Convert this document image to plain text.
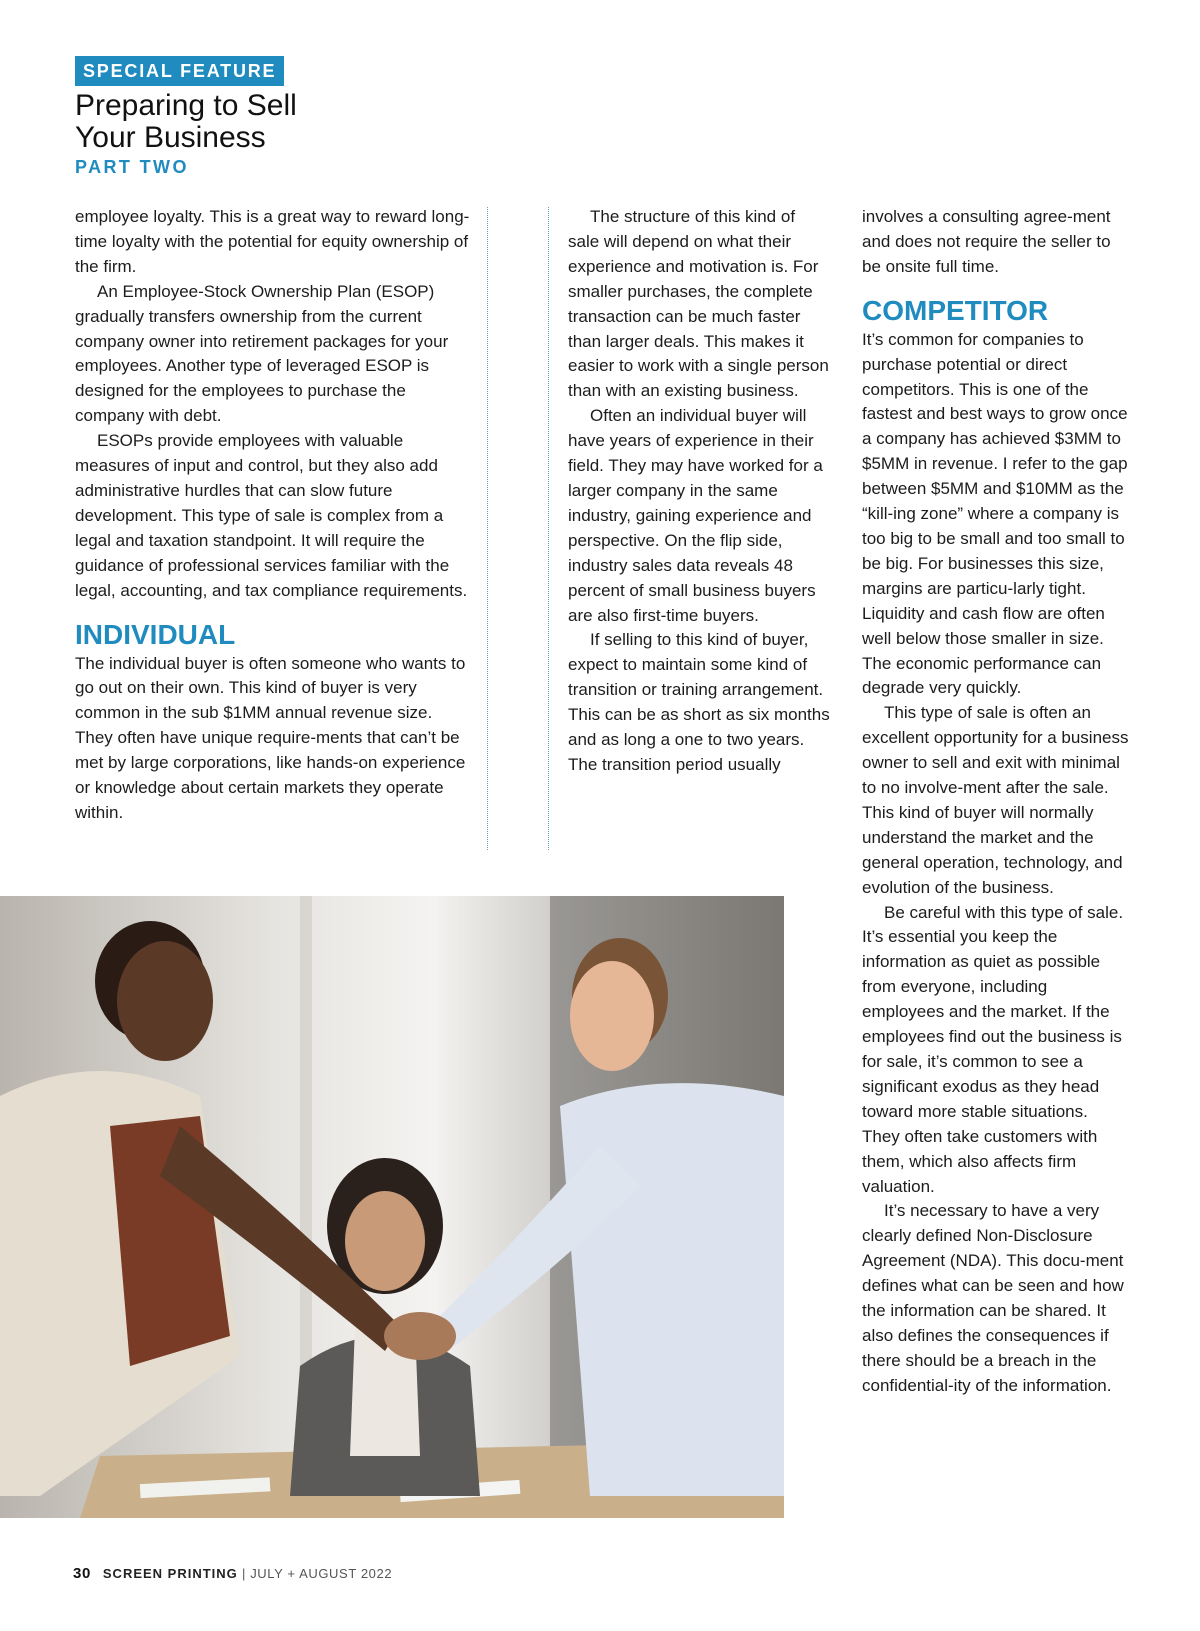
SPECIAL FEATURE
Preparing to Sell
Your Business
PART TWO

employee loyalty. This is a great way to reward long-time loyalty with the potential for equity ownership of the firm.

An Employee-Stock Ownership Plan (ESOP) gradually transfers ownership from the current company owner into retirement packages for your employees. Another type of leveraged ESOP is designed for the employees to purchase the company with debt.

ESOPs provide employees with valuable measures of input and control, but they also add administrative hurdles that can slow future development. This type of sale is complex from a legal and taxation standpoint. It will require the guidance of professional services familiar with the legal, accounting, and tax compliance requirements.

INDIVIDUAL

The individual buyer is often someone who wants to go out on their own. This kind of buyer is very common in the sub $1MM annual revenue size. They often have unique require-ments that can’t be met by large corporations, like hands-on experience or knowledge about certain markets they operate within.

The structure of this kind of sale will depend on what their experience and motivation is. For smaller purchases, the complete transaction can be much faster than larger deals. This makes it easier to work with a single person than with an existing business.

Often an individual buyer will have years of experience in their field. They may have worked for a larger company in the same industry, gaining experience and perspective. On the flip side, industry sales data reveals 48 percent of small business buyers are also first-time buyers.

If selling to this kind of buyer, expect to maintain some kind of transition or training arrangement. This can be as short as six months and as long a one to two years. The transition period usually

involves a consulting agree-ment and does not require the seller to be onsite full time.

COMPETITOR

It’s common for companies to purchase potential or direct competitors. This is one of the fastest and best ways to grow once a company has achieved $3MM to $5MM in revenue. I refer to the gap between $5MM and $10MM as the “kill-ing zone” where a company is too big to be small and too small to be big. For businesses this size, margins are particu-larly tight. Liquidity and cash flow are often well below those smaller in size. The economic performance can degrade very quickly.

This type of sale is often an excellent opportunity for a business owner to sell and exit with minimal to no involve-ment after the sale. This kind of buyer will normally understand the market and the general operation, technology, and evolution of the business.

Be careful with this type of sale. It’s essential you keep the information as quiet as possible from everyone, including employees and the market. If the employees find out the business is for sale, it’s common to see a significant exodus as they head toward more stable situations. They often take customers with them, which also affects firm valuation.

It’s necessary to have a very clearly defined Non-Disclosure Agreement (NDA). This docu-ment defines what can be seen and how the information can be shared. It also defines the consequences if there should be a breach in the confidential-ity of the information.

30 SCREEN PRINTING | JULY + AUGUST 2022
